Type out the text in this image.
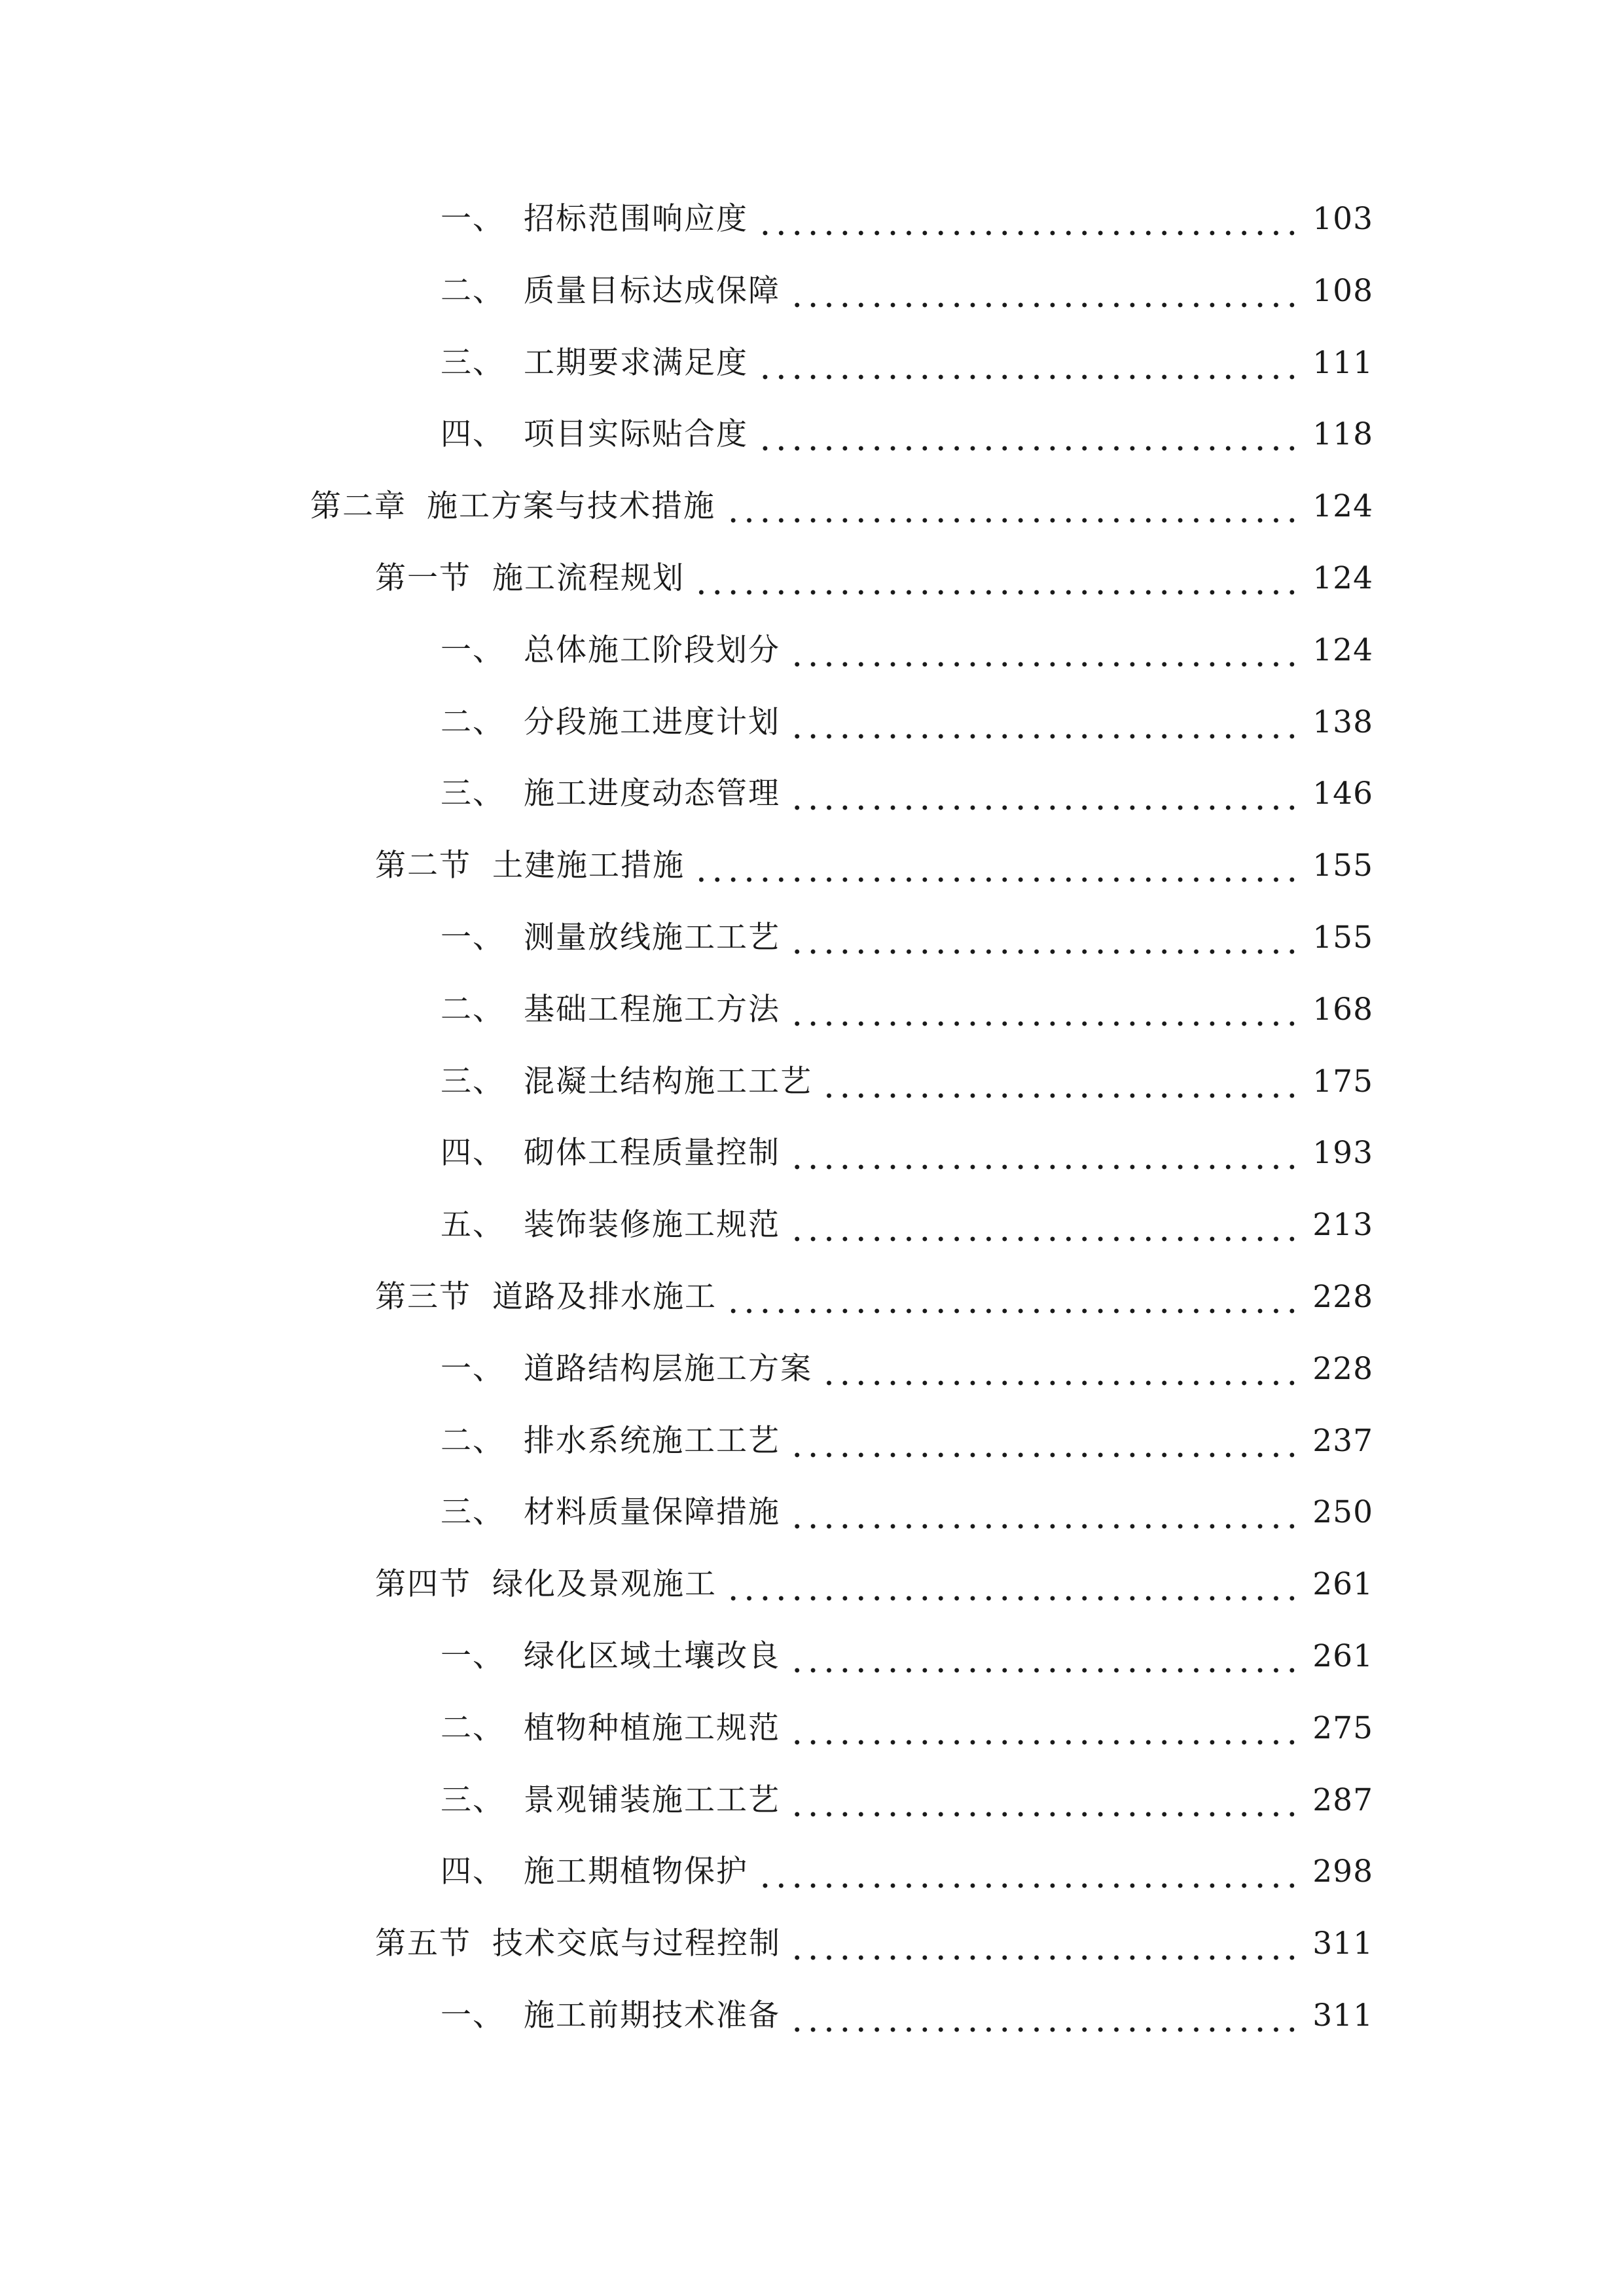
一、 招标范围响应度	103
二、 质量目标达成保障	108
三、 工期要求满足度	111
四、 项目实际贴合度	118
第二章 施工方案与技术措施	124
第一节 施工流程规划	124
一、 总体施工阶段划分	124
二、 分段施工进度计划	138
三、 施工进度动态管理	146
第二节 土建施工措施	155
一、 测量放线施工工艺	155
二、 基础工程施工方法	168
三、 混凝土结构施工工艺	175
四、 砌体工程质量控制	193
五、 装饰装修施工规范	213
第三节 道路及排水施工	228
一、 道路结构层施工方案	228
二、 排水系统施工工艺	237
三、 材料质量保障措施	250
第四节 绿化及景观施工	261
一、 绿化区域土壤改良	261
二、 植物种植施工规范	275
三、 景观铺装施工工艺	287
四、 施工期植物保护	298
第五节 技术交底与过程控制	311
一、 施工前期技术准备	311
